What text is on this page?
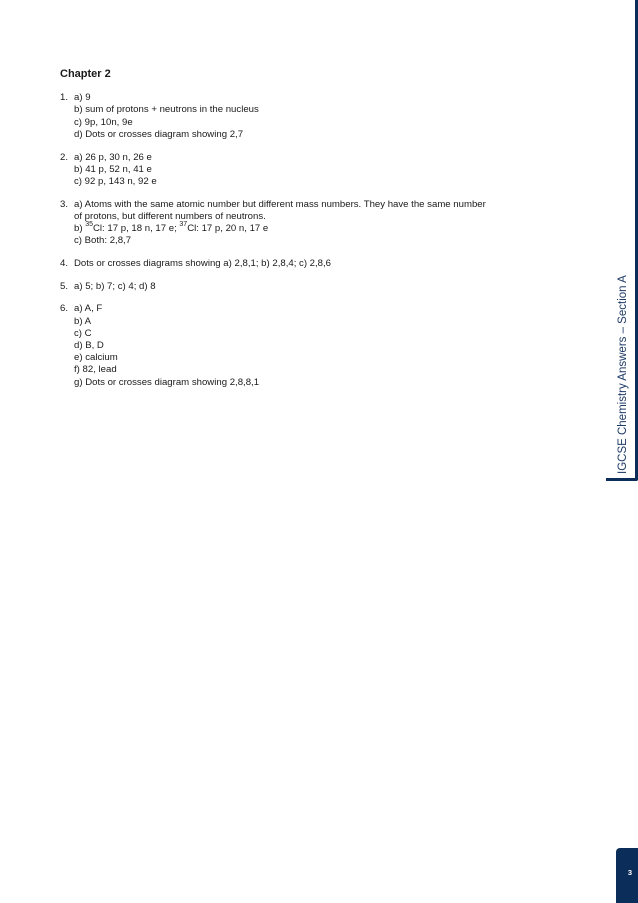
IGCSE Chemistry Answers – Section A
Chapter 2
1. a) 9
b) sum of protons + neutrons in the nucleus
c) 9p, 10n, 9e
d) Dots or crosses diagram showing 2,7
2. a) 26 p, 30 n, 26 e
b) 41 p, 52 n, 41 e
c) 92 p, 143 n, 92 e
3. a) Atoms with the same atomic number but different mass numbers. They have the same number
of protons, but different numbers of neutrons.
b) $^{35}$Cl: 17 p, 18 n, 17 e; $^{37}$Cl: 17 p, 20 n, 17 e
c) Both: 2,8,7
4. Dots or crosses diagrams showing a) 2,8,1; b) 2,8,4; c) 2,8,6
5. a) 5; b) 7; c) 4; d) 8
6. a) A, F
b) A
c) C
d) B, D
e) calcium
f) 82, lead
g) Dots or crosses diagram showing 2,8,8,1
3
